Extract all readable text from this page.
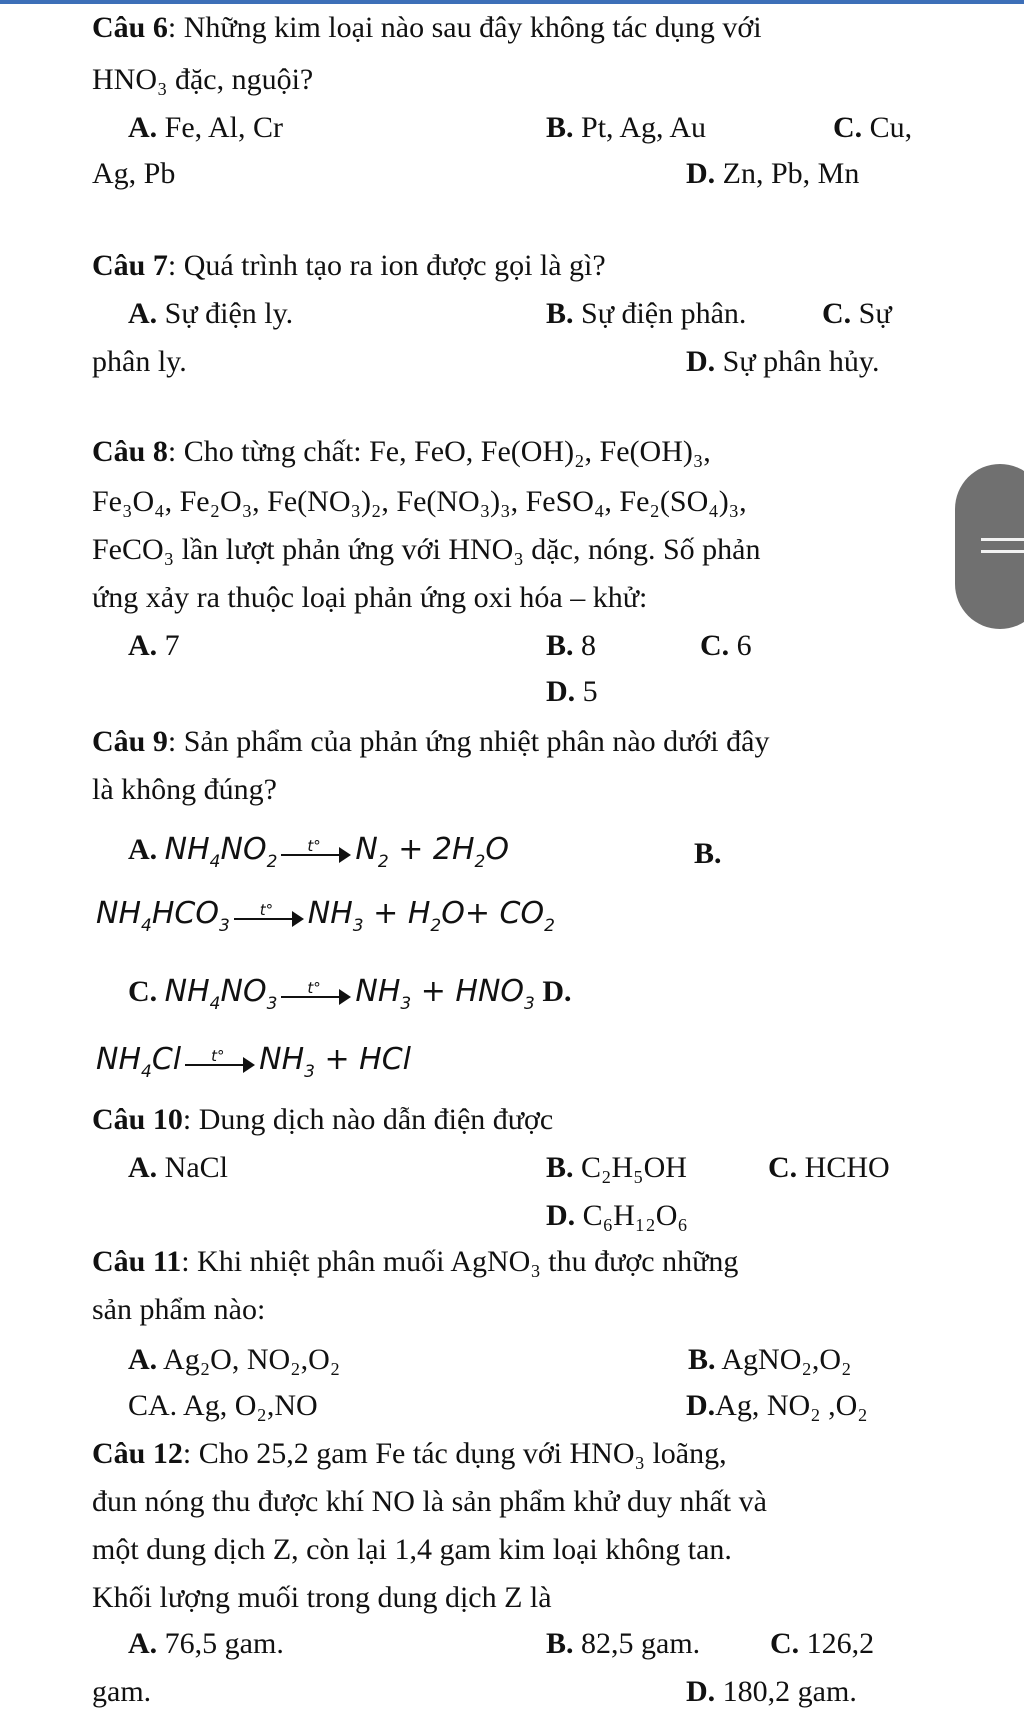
Câu 6: Những kim loại nào sau đây không tác dụng với
HNO₃ đặc, nguội?
A. Fe, Al, Cr	B. Pt, Ag, Au	C. Cu,
Ag, Pb	D. Zn, Pb, Mn
Câu 7: Quá trình tạo ra ion được gọi là gì?
A. Sự điện ly.	B. Sự điện phân.	C. Sự
phân ly.	D. Sự phân hủy.
Câu 8: Cho từng chất: Fe, FeO, Fe(OH)₂, Fe(OH)₃,
Fe₃O₄, Fe₂O₃, Fe(NO₃)₂, Fe(NO₃)₃, FeSO₄, Fe₂(SO₄)₃,
FeCO₃ lần lượt phản ứng với HNO₃ dặc, nóng. Số phản
ứng xảy ra thuộc loại phản ứng oxi hóa – khử:
A. 7	B. 8	C. 6
D. 5
Câu 9: Sản phẩm của phản ứng nhiệt phân nào dưới đây
là không đúng?
A. $NH_4NO_2$
t° $N_2 + 2H_2O$	B.
$NH_4HCO_3$
t° $NH_3 + H_2O+ CO_2$
C. $NH_4NO_3$
t° $NH_3 + HNO_3$ D.
$NH_4Cl$ t° $NH_3$ + HCl
Câu 10: Dung dịch nào dẫn điện được
A. NaCl	B. C₂H₅OH	C. HCHO
D. C₆H₁₂O₆
Câu 11: Khi nhiệt phân muối AgNO₃ thu được những
sản phẩm nào:
A. Ag₂O, NO₂,O₂	B. AgNO₂,O₂
CA. Ag, O₂,NO	D.Ag, NO₂ ,O₂
Câu 12: Cho 25,2 gam Fe tác dụng với HNO₃ loãng,
đun nóng thu được khí NO là sản phẩm khử duy nhất và
một dung dịch Z, còn lại 1,4 gam kim loại không tan.
Khối lượng muối trong dung dịch Z là
A. 76,5 gam.	B. 82,5 gam. C. 126,2
gam.	D. 180,2 gam.
